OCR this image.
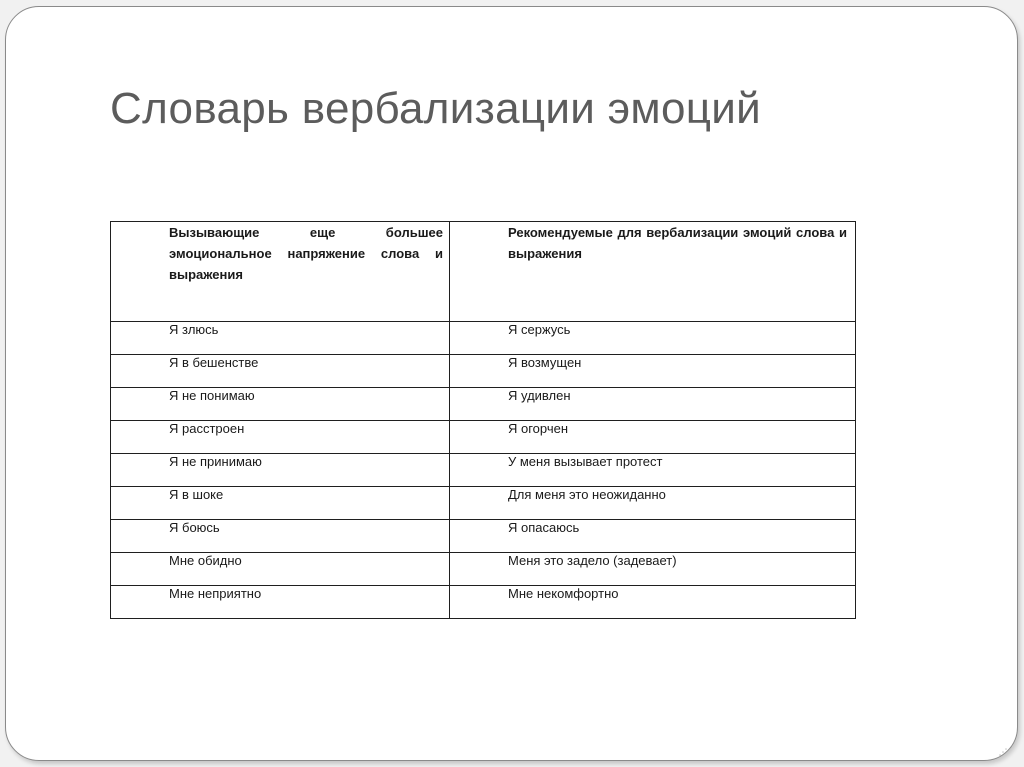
Словарь вербализации эмоций
Вызывающие еще большее эмоциональное напряжение слова и выражения	Рекомендуемые для вербализации эмоций слова и выражения
Я злюсь	Я сержусь
Я в бешенстве	Я возмущен
Я не понимаю	Я удивлен
Я расстроен	Я огорчен
Я не принимаю	У меня вызывает протест
Я в шоке	Для меня это неожиданно
Я боюсь	Я опасаюсь
Мне обидно	Меня это задело (задевает)
Мне неприятно	Мне некомфортно
